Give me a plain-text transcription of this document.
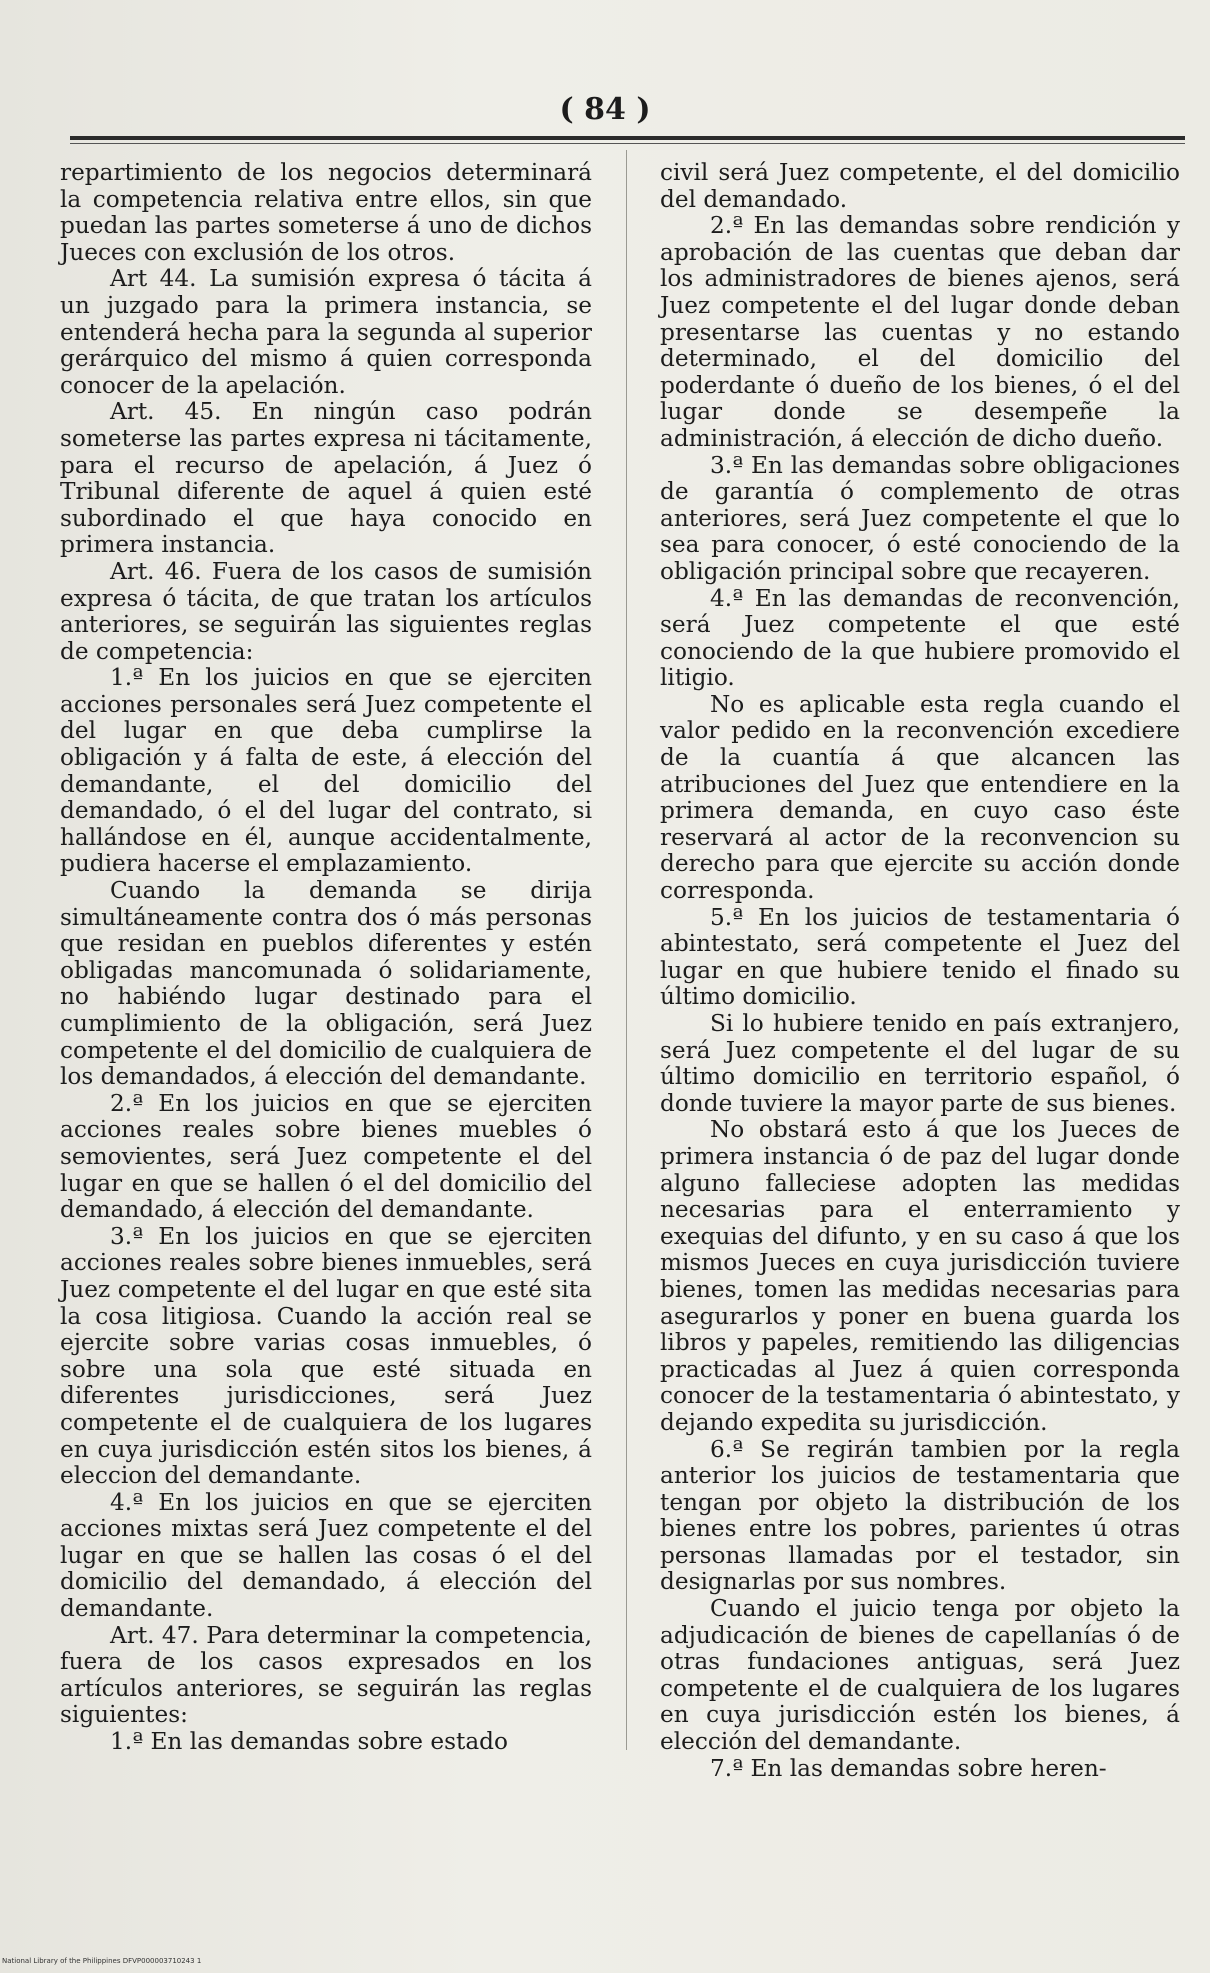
( 84 )

repartimiento de los negocios determinará la competencia relativa entre ellos, sin que puedan las partes someterse á uno de dichos Jueces con exclusión de los otros.

Art 44. La sumisión expresa ó tácita á un juzgado para la primera instancia, se entenderá hecha para la segunda al superior gerárquico del mismo á quien corresponda conocer de la apelación.

Art. 45. En ningún caso podrán someterse las partes expresa ni tácitamente, para el recurso de apelación, á Juez ó Tribunal diferente de aquel á quien esté subordinado el que haya conocido en primera instancia.

Art. 46. Fuera de los casos de sumisión expresa ó tácita, de que tratan los artículos anteriores, se seguirán las siguientes reglas de competencia:

1.ª En los juicios en que se ejerciten acciones personales será Juez competente el del lugar en que deba cumplirse la obligación y á falta de este, á elección del demandante, el del domicilio del demandado, ó el del lugar del contrato, si hallándose en él, aunque accidentalmente, pudiera hacerse el emplazamiento.

Cuando la demanda se dirija simultáneamente contra dos ó más personas que residan en pueblos diferentes y estén obligadas mancomunada ó solidariamente, no habiéndo lugar destinado para el cumplimiento de la obligación, será Juez competente el del domicilio de cualquiera de los demandados, á elección del demandante.

2.ª En los juicios en que se ejerciten acciones reales sobre bienes muebles ó semovientes, será Juez competente el del lugar en que se hallen ó el del domicilio del demandado, á elección del demandante.

3.ª En los juicios en que se ejerciten acciones reales sobre bienes inmuebles, será Juez competente el del lugar en que esté sita la cosa litigiosa. Cuando la acción real se ejercite sobre varias cosas inmuebles, ó sobre una sola que esté situada en diferentes jurisdicciones, será Juez competente el de cualquiera de los lugares en cuya jurisdicción estén sitos los bienes, á eleccion del demandante.

4.ª En los juicios en que se ejerciten acciones mixtas será Juez competente el del lugar en que se hallen las cosas ó el del domicilio del demandado, á elección del demandante.

Art. 47. Para determinar la competencia, fuera de los casos expresados en los artículos anteriores, se seguirán las reglas siguientes:

1.ª En las demandas sobre estado

civil será Juez competente, el del domicilio del demandado.

2.ª En las demandas sobre rendición y aprobación de las cuentas que deban dar los administradores de bienes ajenos, será Juez competente el del lugar donde deban presentarse las cuentas y no estando determinado, el del domicilio del poderdante ó dueño de los bienes, ó el del lugar donde se desempeñe la administración, á elección de dicho dueño.

3.ª En las demandas sobre obligaciones de garantía ó complemento de otras anteriores, será Juez competente el que lo sea para conocer, ó esté conociendo de la obligación principal sobre que recayeren.

4.ª En las demandas de reconvención, será Juez competente el que esté conociendo de la que hubiere promovido el litigio.

No es aplicable esta regla cuando el valor pedido en la reconvención excediere de la cuantía á que alcancen las atribuciones del Juez que entendiere en la primera demanda, en cuyo caso éste reservará al actor de la reconvencion su derecho para que ejercite su acción donde corresponda.

5.ª En los juicios de testamentaria ó abintestato, será competente el Juez del lugar en que hubiere tenido el finado su último domicilio.

Si lo hubiere tenido en país extranjero, será Juez competente el del lugar de su último domicilio en territorio español, ó donde tuviere la mayor parte de sus bienes.

No obstará esto á que los Jueces de primera instancia ó de paz del lugar donde alguno falleciese adopten las medidas necesarias para el enterramiento y exequias del difunto, y en su caso á que los mismos Jueces en cuya jurisdicción tuviere bienes, tomen las medidas necesarias para asegurarlos y poner en buena guarda los libros y papeles, remitiendo las diligencias practicadas al Juez á quien corresponda conocer de la testamentaria ó abintestato, y dejando expedita su jurisdicción.

6.ª Se regirán tambien por la regla anterior los juicios de testamentaria que tengan por objeto la distribución de los bienes entre los pobres, parientes ú otras personas llamadas por el testador, sin designarlas por sus nombres.

Cuando el juicio tenga por objeto la adjudicación de bienes de capellanías ó de otras fundaciones antiguas, será Juez competente el de cualquiera de los lugares en cuya jurisdicción estén los bienes, á elección del demandante.

7.ª En las demandas sobre heren-

National Library of the Philippines DFVP000003710243 1
